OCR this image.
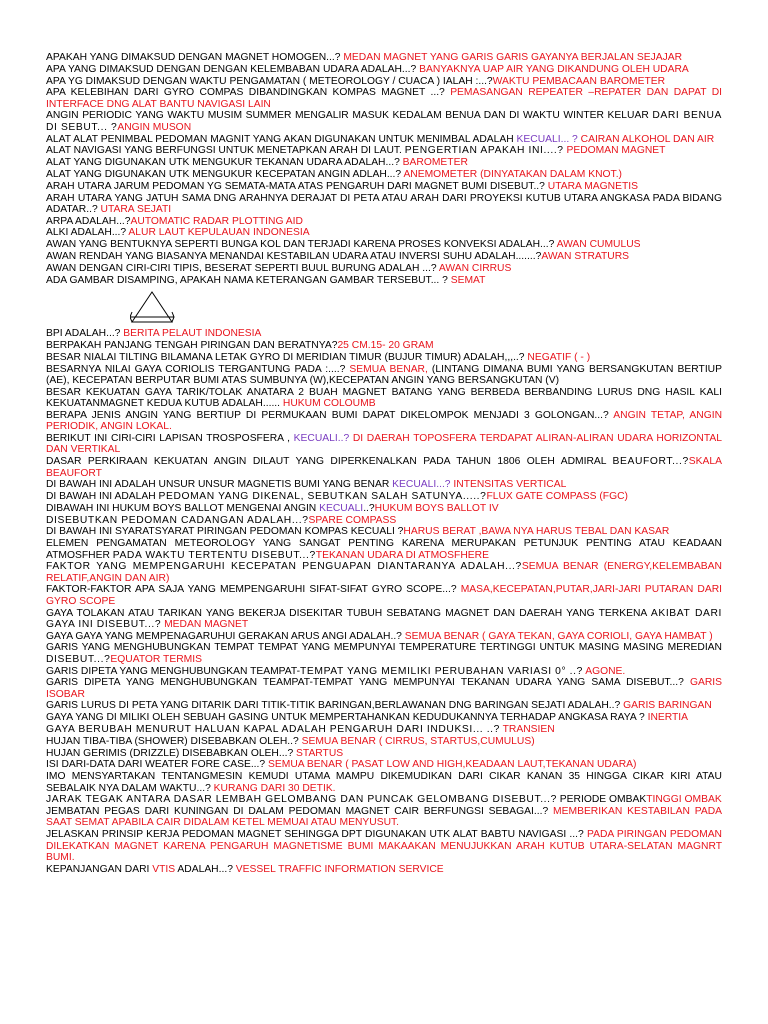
APAKAH YANG DIMAKSUD DENGAN MAGNET HOMOGEN...? MEDAN MAGNET YANG GARIS GARIS GAYANYA BERJALAN SEJAJAR
APA YANG DIMAKSUD DENGAN DENGAN KELEMBABAN UDARA ADALAH...? BANYAKNYA UAP AIR YANG DIKANDUNG OLEH UDARA
APA YG DIMAKSUD DENGAN WAKTU PENGAMATAN ( METEOROLOGY / CUACA ) IALAH :...?WAKTU PEMBACAAN BAROMETER
APA KELEBIHAN DARI GYRO COMPAS DIBANDINGKAN KOMPAS MAGNET ...? PEMASANGAN REPEATER –REPATER DAN DAPAT DI INTERFACE DNG ALAT BANTU NAVIGASI LAIN
ANGIN PERIODIC YANG WAKTU MUSIM SUMMER MENGALIR MASUK KEDALAM BENUA DAN DI WAKTU WINTER KELUAR DARI BENUA DI SEBUT... ?ANGIN MUSON
ALAT ALAT PENIMBAL PEDOMAN MAGNIT YANG AKAN DIGUNAKAN UNTUK MENIMBAL ADALAH KECUALI... ? CAIRAN ALKOHOL DAN AIR
ALAT NAVIGASI YANG BERFUNGSI UNTUK MENETAPKAN ARAH DI LAUT. PENGERTIAN APAKAH INI....? PEDOMAN MAGNET
ALAT YANG DIGUNAKAN UTK MENGUKUR TEKANAN UDARA ADALAH...? BAROMETER
ALAT YANG DIGUNAKAN UTK MENGUKUR KECEPATAN ANGIN ADLAH...? ANEMOMETER (DINYATAKAN DALAM KNOT.)
ARAH UTARA JARUM PEDOMAN YG SEMATA-MATA ATAS PENGARUH DARI MAGNET BUMI DISEBUT..? UTARA MAGNETIS
ARAH UTARA YANG JATUH SAMA DNG ARAHNYA DERAJAT DI PETA ATAU ARAH DARI PROYEKSI KUTUB UTARA ANGKASA PADA BIDANG ADATAR..? UTARA SEJATI
ARPA ADALAH...?AUTOMATIC RADAR PLOTTING AID
ALKI ADALAH...? ALUR LAUT KEPULAUAN INDONESIA
AWAN YANG BENTUKNYA SEPERTI BUNGA KOL DAN TERJADI KARENA PROSES KONVEKSI ADALAH...? AWAN CUMULUS
AWAN RENDAH YANG BIASANYA MENANDAI KESTABILAN UDARA ATAU INVERSI SUHU ADALAH.......?AWAN STRATURS
AWAN DENGAN CIRI-CIRI TIPIS, BESERAT SEPERTI BUUL BURUNG ADALAH ...? AWAN CIRRUS
ADA GAMBAR DISAMPING, APAKAH NAMA KETERANGAN GAMBAR TERSEBUT... ? SEMAT
BPI ADALAH...? BERITA PELAUT INDONESIA
BERPAKAH PANJANG TENGAH PIRINGAN DAN BERATNYA?25 CM.15- 20 GRAM
BESAR NIALAI TILTING BILAMANA LETAK GYRO DI MERIDIAN TIMUR (BUJUR TIMUR) ADALAH,,,..? NEGATIF ( - )
BESARNYA NILAI GAYA CORIOLIS TERGANTUNG PADA :....? SEMUA BENAR, (LINTANG DIMANA BUMI YANG BERSANGKUTAN BERTIUP (AE), KECEPATAN BERPUTAR BUMI ATAS SUMBUNYA (W),KECEPATAN ANGIN YANG BERSANGKUTAN (V)
BESAR KEKUATAN GAYA TARIK/TOLAK ANATARA 2 BUAH MAGNET BATANG YANG BERBEDA BERBANDING LURUS DNG HASIL KALI KEKUATANMAGNET KEDUA KUTUB ADALAH...... HUKUM COLOUMB
BERAPA JENIS ANGIN YANG BERTIUP DI PERMUKAAN BUMI DAPAT DIKELOMPOK MENJADI 3 GOLONGAN...? ANGIN TETAP, ANGIN PERIODIK, ANGIN LOKAL.
BERIKUT INI CIRI-CIRI LAPISAN TROSPOSFERA , KECUALI..? DI DAERAH TOPOSFERA TERDAPAT ALIRAN-ALIRAN UDARA HORIZONTAL DAN VERTIKAL
DASAR PERKIRAAN KEKUATAN ANGIN DILAUT YANG DIPERKENALKAN PADA TAHUN 1806 OLEH ADMIRAL BEAUFORT...?SKALA BEAUFORT
DI BAWAH INI ADALAH UNSUR UNSUR MAGNETIS BUMI YANG BENAR KECUALI...? INTENSITAS VERTICAL
DI BAWAH INI ADALAH PEDOMAN YANG DIKENAL, SEBUTKAN SALAH SATUNYA.....?FLUX GATE COMPASS (FGC)
DIBAWAH INI HUKUM BOYS BALLOT MENGENAI ANGIN KECUALI..?HUKUM BOYS BALLOT IV
DISEBUTKAN PEDOMAN CADANGAN ADALAH...?SPARE COMPASS
DI BAWAH INI SYARATSYARAT PIRINGAN PEDOMAN KOMPAS KECUALI ?HARUS BERAT ,BAWA NYA HARUS TEBAL DAN KASAR
ELEMEN PENGAMATAN METEOROLOGY YANG SANGAT PENTING KARENA MERUPAKAN PETUNJUK PENTING ATAU KEADAAN ATMOSFHER PADA WAKTU TERTENTU DISEBUT...?TEKANAN UDARA DI ATMOSFHERE
FAKTOR YANG MEMPENGARUHI KECEPATAN PENGUAPAN DIANTARANYA ADALAH...?SEMUA BENAR (ENERGY,KELEMBABAN RELATIF,ANGIN DAN AIR)
FAKTOR-FAKTOR APA SAJA YANG MEMPENGARUHI SIFAT-SIFAT GYRO SCOPE...? MASA,KECEPATAN,PUTAR,JARI-JARI PUTARAN DARI GYRO SCOPE
GAYA TOLAKAN ATAU TARIKAN YANG BEKERJA DISEKITAR TUBUH SEBATANG MAGNET DAN DAERAH YANG TERKENA AKIBAT DARI GAYA INI DISEBUT...? MEDAN MAGNET
GAYA GAYA YANG MEMPENAGARUHUI GERAKAN ARUS ANGI ADALAH..? SEMUA BENAR ( GAYA TEKAN, GAYA CORIOLI, GAYA HAMBAT )
GARIS YANG MENGHUBUNGKAN TEMPAT TEMPAT YANG MEMPUNYAI TEMPERATURE TERTINGGI UNTUK MASING MASING MEREDIAN DISEBUT...?EQUATOR TERMIS
GARIS DIPETA YANG MENGHUBUNGKAN TEAMPAT-TEMPAT YANG MEMILIKI PERUBAHAN VARIASI 0° ..? AGONE.
GARIS DIPETA YANG MENGHUBUNGKAN TEAMPAT-TEMPAT YANG MEMPUNYAI TEKANAN UDARA YANG SAMA DISEBUT...? GARIS ISOBAR
GARIS LURUS DI PETA YANG DITARIK DARI TITIK-TITIK BARINGAN,BERLAWANAN DNG BARINGAN SEJATI ADALAH..? GARIS BARINGAN
GAYA YANG DI MILIKI OLEH SEBUAH GASING UNTUK MEMPERTAHANKAN KEDUDUKANNYA TERHADAP ANGKASA RAYA ? INERTIA
GAYA BERUBAH MENURUT HALUAN KAPAL ADALAH PENGARUH DARI INDUKSI... ..? TRANSIEN
HUJAN TIBA-TIBA (SHOWER) DISEBABKAN OLEH..? SEMUA BENAR ( CIRRUS, STARTUS,CUMULUS)
HUJAN GERIMIS (DRIZZLE) DISEBABKAN OLEH...? STARTUS
ISI DARI-DATA DARI WEATER FORE CASE...? SEMUA BENAR ( PASAT LOW AND HIGH,KEADAAN LAUT,TEKANAN UDARA)
IMO MENSYARTAKAN TENTANGMESIN KEMUDI UTAMA MAMPU DIKEMUDIKAN DARI CIKAR KANAN 35 HINGGA CIKAR KIRI ATAU SEBALAIK NYA DALAM WAKTU...? KURANG DARI 30 DETIK.
JARAK TEGAK ANTARA DASAR LEMBAH GELOMBANG DAN PUNCAK GELOMBANG DISEBUT...? PERIODE OMBAKTINGGI OMBAK
JEMBATAN PEGAS DARI KUNINGAN DI DALAM PEDOMAN MAGNET CAIR BERFUNGSI SEBAGAI...? MEMBERIKAN KESTABILAN PADA SAAT SEMAT APABILA CAIR DIDALAM KETEL MEMUAI ATAU MENYUSUT.
JELASKAN PRINSIP KERJA PEDOMAN MAGNET SEHINGGA DPT DIGUNAKAN UTK ALAT BABTU NAVIGASI ...? PADA PIRINGAN PEDOMAN DILEKATKAN MAGNET KARENA PENGARUH MAGNETISME BUMI MAKAAKAN MENUJUKKAN ARAH KUTUB UTARA-SELATAN MAGNRT BUMI.
KEPANJANGAN DARI VTIS ADALAH...? VESSEL TRAFFIC INFORMATION SERVICE
